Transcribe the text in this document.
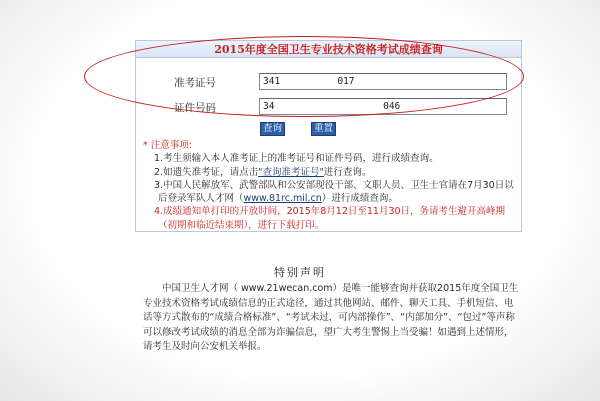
2015年度全国卫生专业技术资格考试成绩查询
准考证号	341          017
证件号码	34                   046
查询	重置
* 注意事项:
1.考生须输入本人准考证上的准考证号和证件号码，进行成绩查询。
2.如遗失准考证，请点击"查询准考证号"进行查询。
3.中国人民解放军、武警部队和公安部现役干部、文职人员、卫生士官请在7月30日以后登录军队人才网（www.81rc.mil.cn）进行成绩查询。
4.成绩通知单打印的开放时间，2015年8月12日至11月30日，务请考生避开高峰期（初期和临近结束期），进行下载打印。
特别声明
中国卫生人才网（ www.21wecan.com）是唯一能够查询并获取2015年度全国卫生专业技术资格考试成绩信息的正式途径，通过其他网站、邮件、聊天工具、手机短信、电话等方式散布的“成绩合格标准”、“考试未过，可内部操作”、“内部加分”、“包过”等声称可以修改考试成绩的消息全部为诈骗信息，望广大考生警惕上当受骗！如遇到上述情形，请考生及时向公安机关举报。
